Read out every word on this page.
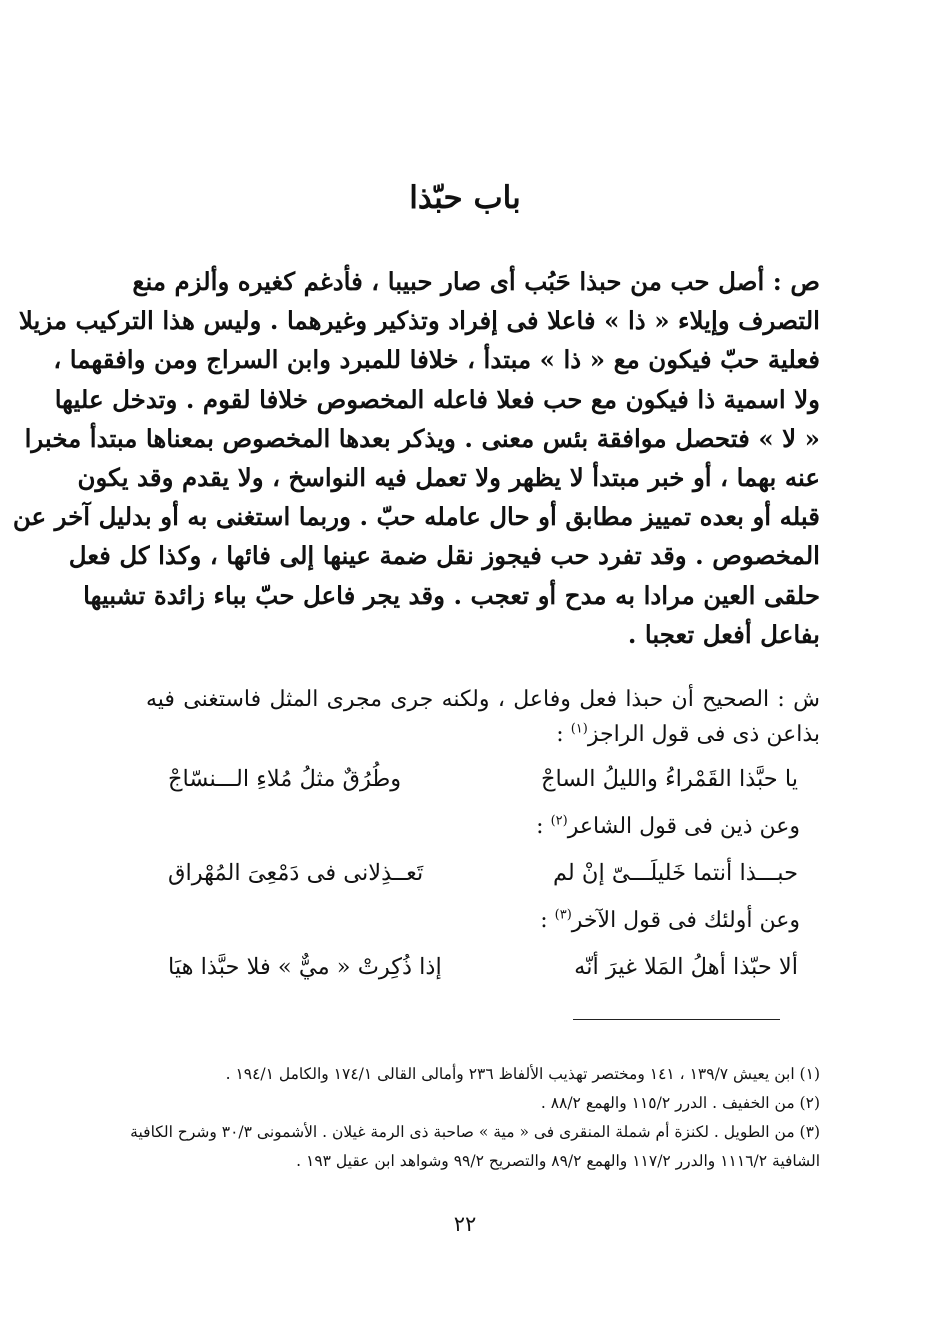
باب حبّذا
ص : أصل حب من حبذا حَبُب أى صار حبيبا ، فأدغم كغيره وألزم منع
التصرف وإيلاء « ذا » فاعلا فى إفراد وتذكير وغيرهما . وليس هذا التركيب مزيلا
فعلية حبّ فيكون مع « ذا » مبتدأ ، خلافا للمبرد وابن السراج ومن وافقهما ،
ولا اسمية ذا فيكون مع حب فعلا فاعله المخصوص خلافا لقوم . وتدخل عليها
« لا » فتحصل موافقة بئس معنى . ويذكر بعدها المخصوص بمعناها مبتدأ مخبرا
عنه بهما ، أو خبر مبتدأ لا يظهر ولا تعمل فيه النواسخ ، ولا يقدم وقد يكون
قبله أو بعده تمييز مطابق أو حال عامله حبّ . وربما استغنى به أو بدليل آخر عن
المخصوص . وقد تفرد حب فيجوز نقل ضمة عينها إلى فائها ، وكذا كل فعل
حلقى العين مرادا به مدح أو تعجب . وقد يجر فاعل حبّ بباء زائدة تشبيها
بفاعل أفعل تعجبا .
ش : الصحيح أن حبذا فعل وفاعل ، ولكنه جرى مجرى المثل فاستغنى فيه
بذاعن ذى فى قول الراجز$^{(١)}$ :
يا حبَّذا القَمْراءُ والليلُ الساجْ
وطُرُقٌ مثلُ مُلاءِ الـــنسّاجْ
وعن ذين فى قول الشاعر$^{(٢)}$ :
حبـــذا أنتما خَليلَـــىّ إنْ لم
تَعــذِلانى فى دَمْعِىَ المُهْراق
وعن أولئك فى قول الآخر$^{(٣)}$ :
ألا حبّذا أهلُ المَلا غيرَ أنّه
إذا ذُكِرتْ « ميٌّ » فلا حبَّذا هيَا
(١) ابن يعيش ١٣٩/٧ ، ١٤١ ومختصر تهذيب الألفاظ ٢٣٦ وأمالى القالى ١٧٤/١ والكامل ١٩٤/١ .
(٢) من الخفيف . الدرر ١١٥/٢ والهمع ٨٨/٢ .
(٣) من الطويل . لكنزة أم شملة المنقرى فى « مية » صاحبة ذى الرمة غيلان . الأشمونى ٣٠/٣ وشرح الكافية
الشافية ١١١٦/٢ والدرر ١١٧/٢ والهمع ٨٩/٢ والتصريح ٩٩/٢ وشواهد ابن عقيل ١٩٣ .
٢٢
